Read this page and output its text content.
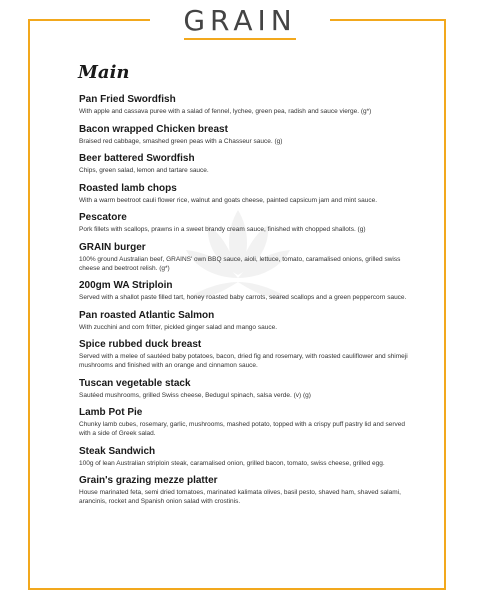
GRAIN
Main

Pan Fried Swordfish

With apple and cassava puree with a salad of fennel, lychee, green pea, radish and sauce vierge. (g*)

Bacon wrapped Chicken breast

Braised red cabbage, smashed green peas with a Chasseur sauce. (g)

Beer battered Swordfish

Chips, green salad, lemon and tartare sauce.

Roasted lamb chops

With a warm beetroot cauli flower rice, walnut and goats cheese, painted capsicum jam and mint sauce.

Pescatore

Pork fillets with scallops, prawns in a sweet brandy cream sauce, finished with chopped shallots. (g)

GRAIN burger

100% ground Australian beef, GRAINS' own BBQ sauce, aioli, lettuce, tomato, caramalised onions, grilled swiss cheese and beetroot relish. (g*)

200gm WA Striploin

Served with a shallot paste filled tart, honey roasted baby carrots, seared scallops and a green peppercorn sauce.

Pan roasted Atlantic Salmon

With zucchini and corn fritter, pickled ginger salad and mango sauce.

Spice rubbed duck breast

Served with a melee of sautéed baby potatoes, bacon, dried fig and rosemary, with roasted cauliflower and shimeji mushrooms and finished with an orange and cinnamon sauce.

Tuscan vegetable stack

Sautéed mushrooms, grilled Swiss cheese, Bedugul spinach, salsa verde. (v) (g)

Lamb Pot Pie

Chunky lamb cubes, rosemary, garlic, mushrooms, mashed potato, topped with a crispy puff pastry lid and served with a side of Greek salad.

Steak Sandwich

100g of lean Australian striploin steak, caramalised onion, grilled bacon, tomato, swiss cheese, grilled egg.

Grain's grazing mezze platter

House marinated feta, semi dried tomatoes, marinated kalimata olives, basil pesto, shaved ham, shaved salami, arancinis, rocket and Spanish onion salad with crostinis.
